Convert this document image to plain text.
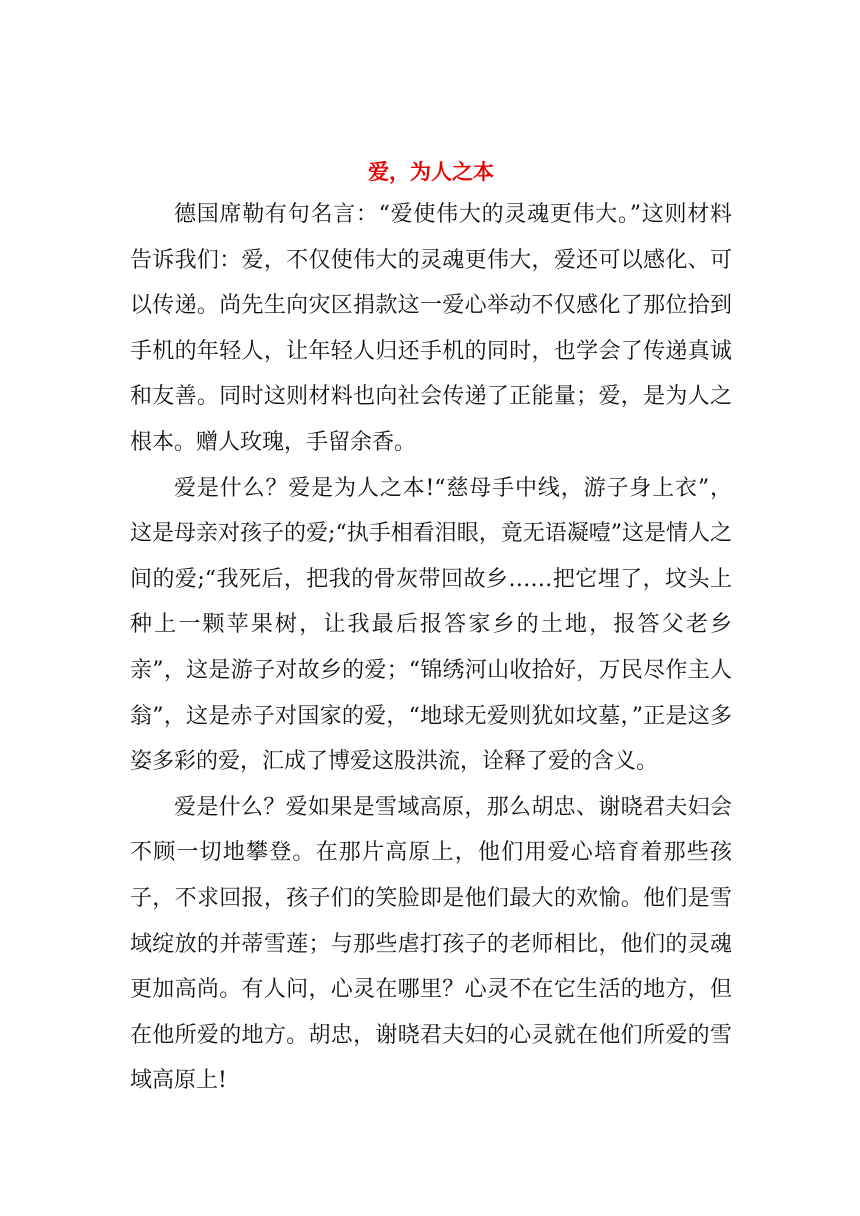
爱，为人之本

德国席勒有句名言：“爱使伟大的灵魂更伟大。”这则材料告诉我们：爱，不仅使伟大的灵魂更伟大，爱还可以感化、可以传递。尚先生向灾区捐款这一爱心举动不仅感化了那位拾到手机的年轻人，让年轻人归还手机的同时，也学会了传递真诚和友善。同时这则材料也向社会传递了正能量；爱，是为人之根本。赠人玫瑰，手留余香。

爱是什么？爱是为人之本!“慈母手中线，游子身上衣”，这是母亲对孩子的爱;“执手相看泪眼，竟无语凝噎”这是情人之间的爱;“我死后，把我的骨灰带回故乡……把它埋了，坟头上种上一颗苹果树，让我最后报答家乡的土地，报答父老乡亲”，这是游子对故乡的爱；“锦绣河山收拾好，万民尽作主人翁”，这是赤子对国家的爱，“地球无爱则犹如坟墓，”正是这多姿多彩的爱，汇成了博爱这股洪流，诠释了爱的含义。

爱是什么？爱如果是雪域高原，那么胡忠、谢晓君夫妇会不顾一切地攀登。在那片高原上，他们用爱心培育着那些孩子，不求回报，孩子们的笑脸即是他们最大的欢愉。他们是雪域绽放的并蒂雪莲；与那些虐打孩子的老师相比，他们的灵魂更加高尚。有人问，心灵在哪里？心灵不在它生活的地方，但在他所爱的地方。胡忠，谢晓君夫妇的心灵就在他们所爱的雪域高原上!
